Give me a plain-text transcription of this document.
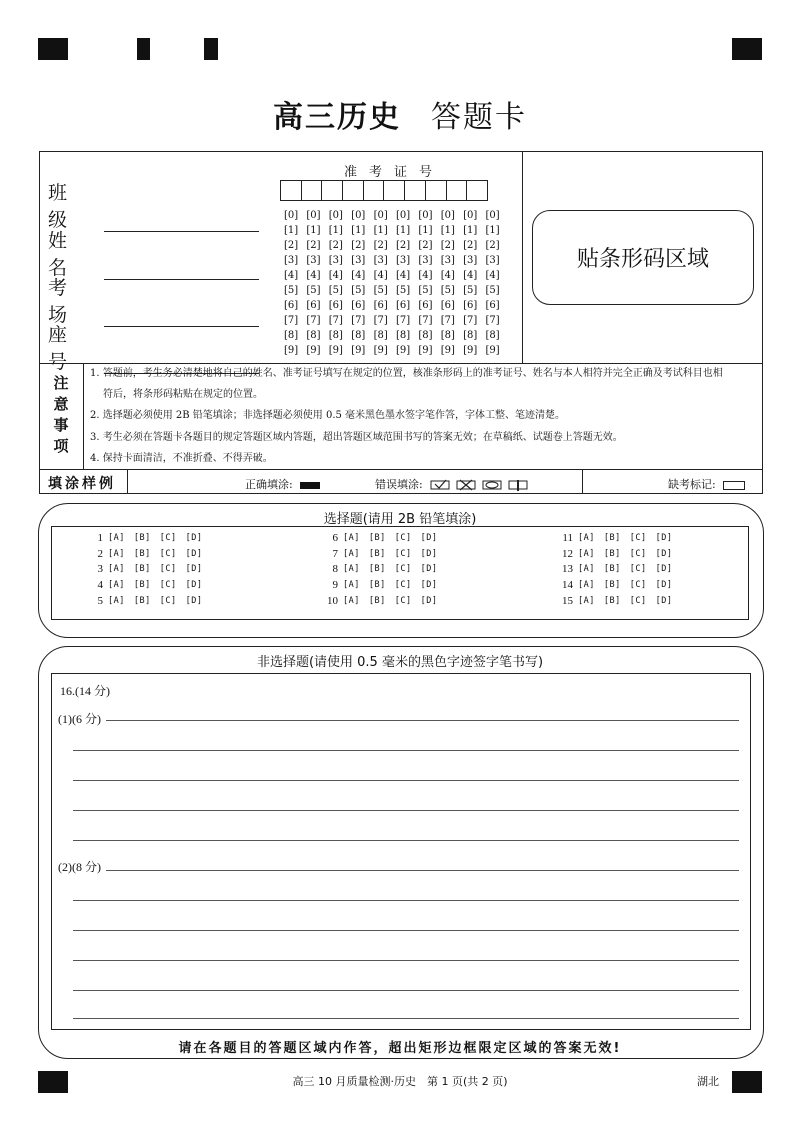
高三历史 答题卡
班 级
姓 名
考 场
座 号
准考证号
[0] [0] [0] [0] [0] [0] [0] [0] [0] [0]
[1] [1] [1] [1] [1] [1] [1] [1] [1] [1]
[2] [2] [2] [2] [2] [2] [2] [2] [2] [2]
[3] [3] [3] [3] [3] [3] [3] [3] [3] [3]
[4] [4] [4] [4] [4] [4] [4] [4] [4] [4]
[5] [5] [5] [5] [5] [5] [5] [5] [5] [5]
[6] [6] [6] [6] [6] [6] [6] [6] [6] [6]
[7] [7] [7] [7] [7] [7] [7] [7] [7] [7]
[8] [8] [8] [8] [8] [8] [8] [8] [8] [8]
[9] [9] [9] [9] [9] [9] [9] [9] [9] [9]
贴条形码区域
注
意
事
项
1. 答题前，考生务必清楚地将自己的姓名、准考证号填写在规定的位置，核准条形码上的准考证号、姓名与本人相符并完全正确及考试科目也相
符后，将条形码粘贴在规定的位置。
2. 选择题必须使用 2B 铅笔填涂；非选择题必须使用 0.5 毫米黑色墨水签字笔作答，字体工整、笔迹清楚。
3. 考生必须在答题卡各题目的规定答题区域内答题，超出答题区域范围书写的答案无效；在草稿纸、试题卷上答题无效。
4. 保持卡面清洁，不准折叠、不得弄破。
填涂样例	正确填涂:	错误填涂:	缺考标记:
选择题(请用 2B 铅笔填涂)
1 [A] [B] [C] [D]
2 [A] [B] [C] [D]
3 [A] [B] [C] [D]
4 [A] [B] [C] [D]
5 [A] [B] [C] [D]
6 [A] [B] [C] [D]
7 [A] [B] [C] [D]
8 [A] [B] [C] [D]
9 [A] [B] [C] [D]
10 [A] [B] [C] [D]
11 [A] [B] [C] [D]
12 [A] [B] [C] [D]
13 [A] [B] [C] [D]
14 [A] [B] [C] [D]
15 [A] [B] [C] [D]
非选择题(请使用 0.5 毫米的黑色字迹签字笔书写)
16.(14 分)
(1)(6 分)
(2)(8 分)
请在各题目的答题区域内作答，超出矩形边框限定区域的答案无效!
高三 10 月质量检测·历史　第 1 页(共 2 页)	湖北
